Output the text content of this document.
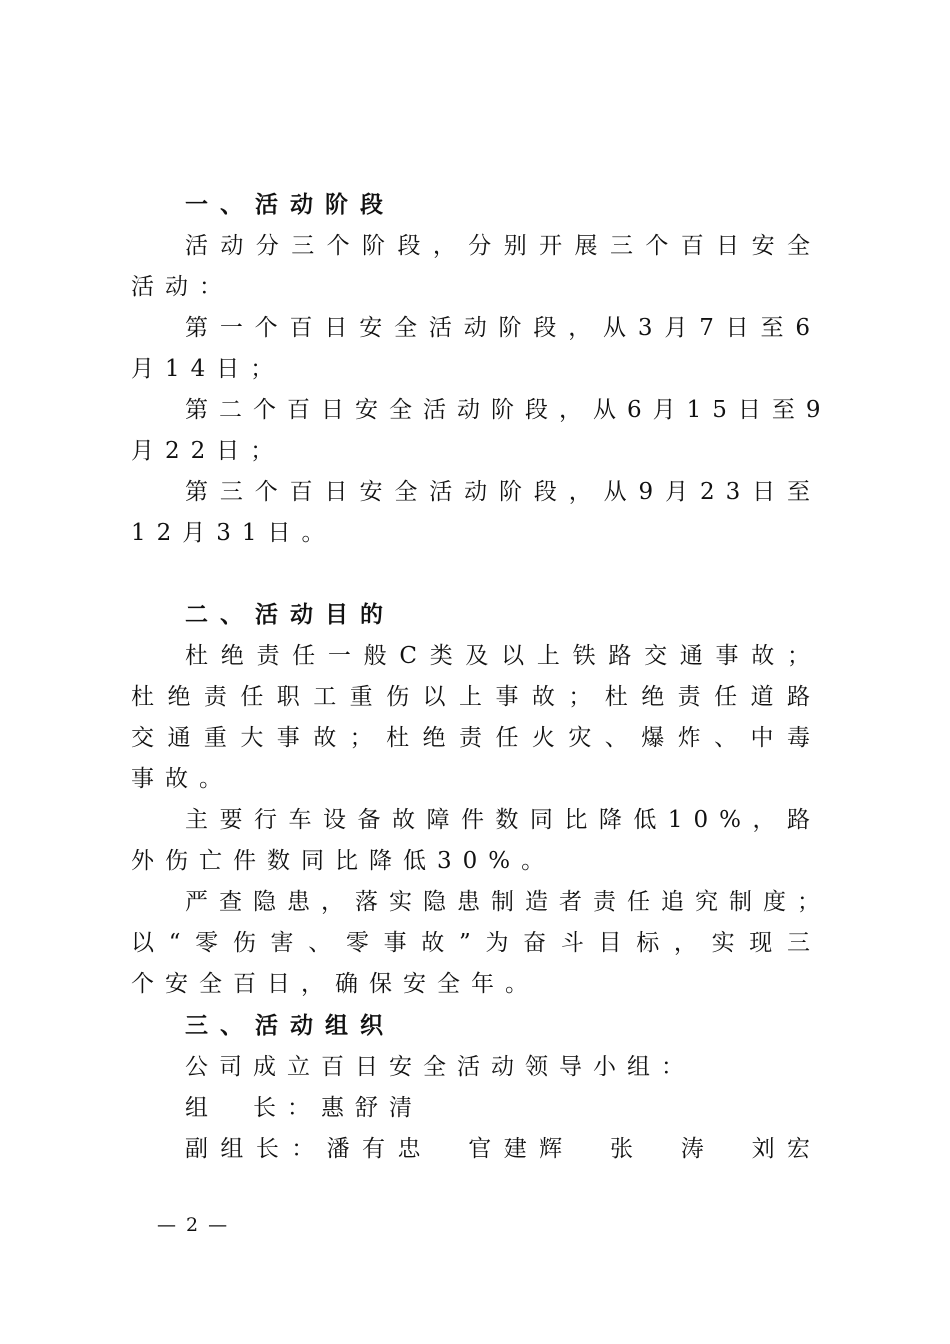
一、活动阶段
活动分三个阶段，分别开展三个百日安全
活动：
第一个百日安全活动阶段，从3月7日至6
月14日；
第二个百日安全活动阶段，从6月15日至9
月22日；
第三个百日安全活动阶段，从9月23日至
12月31日。
二、活动目的
杜绝责任一般C类及以上铁路交通事故；
杜绝责任职工重伤以上事故；杜绝责任道路
交通重大事故；杜绝责任火灾、爆炸、中毒
事故。
主要行车设备故障件数同比降低10%，路
外伤亡件数同比降低30%。
严查隐患，落实隐患制造者责任追究制度；
以“零伤害、零事故”为奋斗目标，实现三
个安全百日，确保安全年。
三、活动组织
公司成立百日安全活动领导小组：
组　长：惠舒清
副组长：潘有忠　官建辉　张　涛　刘宏
— 2 —
